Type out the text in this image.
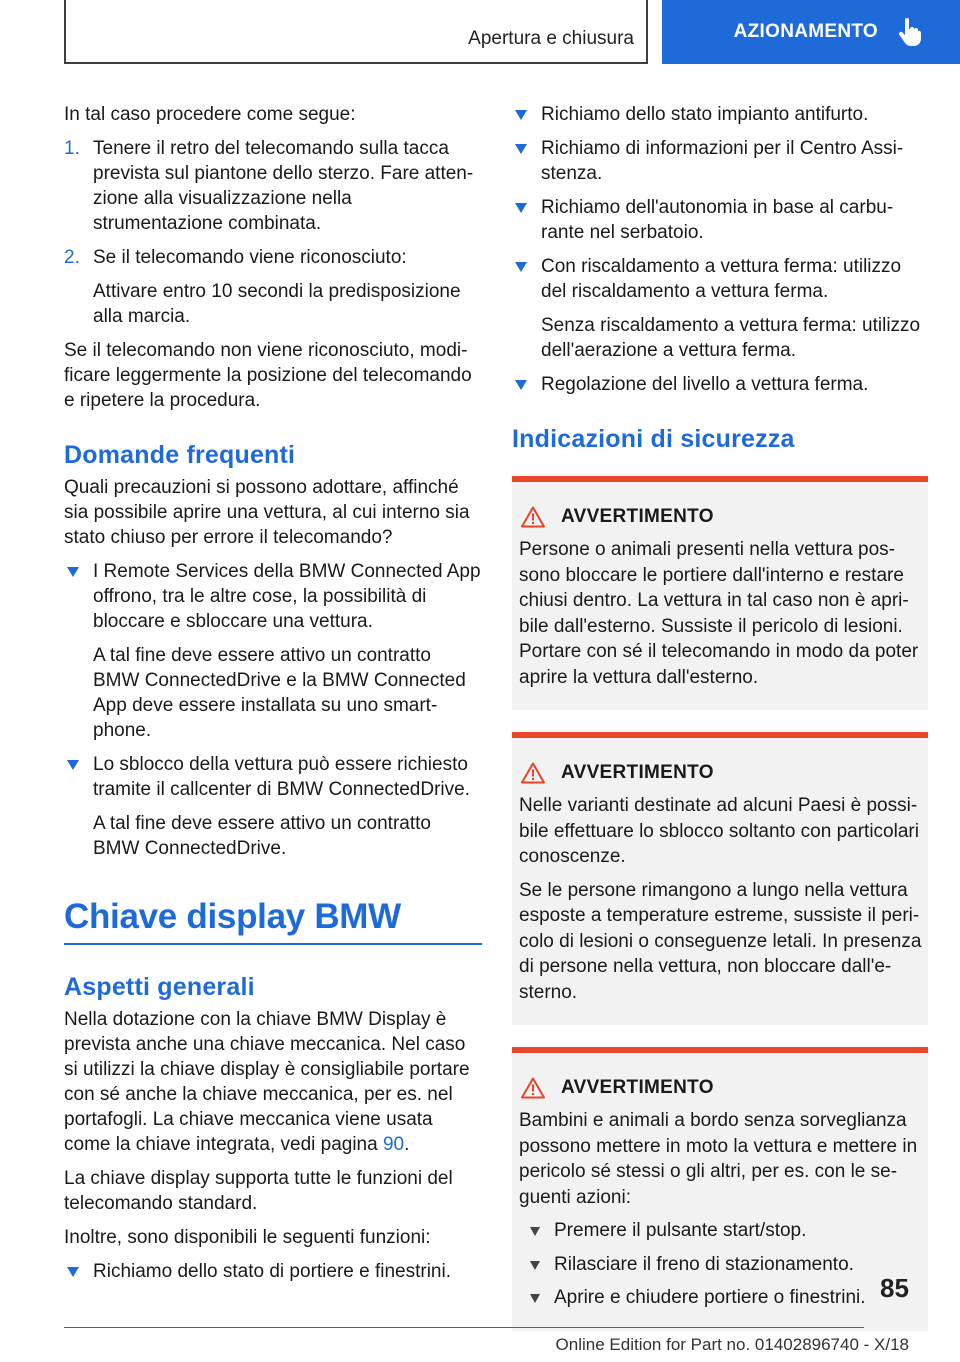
Apertura e chiusura	AZIONAMENTO

In tal caso procedere come segue:

1. Tenere il retro del telecomando sulla tacca prevista sul piantone dello sterzo. Fare attenzione alla visualizzazione nella strumentazione combinata.

2. Se il telecomando viene riconosciuto:

Attivare entro 10 secondi la predisposizione alla marcia.

Se il telecomando non viene riconosciuto, modificare leggermente la posizione del telecomando e ripetere la procedura.

Domande frequenti

Quali precauzioni si possono adottare, affinché sia possibile aprire una vettura, al cui interno sia stato chiuso per errore il telecomando?

I Remote Services della BMW Connected App offrono, tra le altre cose, la possibilità di bloccare e sbloccare una vettura.

A tal fine deve essere attivo un contratto BMW ConnectedDrive e la BMW Connected App deve essere installata su uno smartphone.

Lo sblocco della vettura può essere richiesto tramite il callcenter di BMW ConnectedDrive.

A tal fine deve essere attivo un contratto BMW ConnectedDrive.

Chiave display BMW
Aspetti generali

Nella dotazione con la chiave BMW Display è prevista anche una chiave meccanica. Nel caso si utilizzi la chiave display è consigliabile portare con sé anche la chiave meccanica, per es. nel portafogli. La chiave meccanica viene usata come la chiave integrata, vedi pagina 90.

La chiave display supporta tutte le funzioni del telecomando standard.

Inoltre, sono disponibili le seguenti funzioni:

Richiamo dello stato di portiere e finestrini.

Richiamo dello stato impianto antifurto.

Richiamo di informazioni per il Centro Assistenza.

Richiamo dell'autonomia in base al carburante nel serbatoio.

Con riscaldamento a vettura ferma: utilizzo del riscaldamento a vettura ferma.

Senza riscaldamento a vettura ferma: utilizzo dell'aerazione a vettura ferma.

Regolazione del livello a vettura ferma.

Indicazioni di sicurezza
AVVERTIMENTO

Persone o animali presenti nella vettura possono bloccare le portiere dall'interno e restare chiusi dentro. La vettura in tal caso non è apribile dall'esterno. Sussiste il pericolo di lesioni. Portare con sé il telecomando in modo da poter aprire la vettura dall'esterno.

AVVERTIMENTO

Nelle varianti destinate ad alcuni Paesi è possibile effettuare lo sblocco soltanto con particolari conoscenze.

Se le persone rimangono a lungo nella vettura esposte a temperature estreme, sussiste il pericolo di lesioni o conseguenze letali. In presenza di persone nella vettura, non bloccare dall'esterno.

AVVERTIMENTO

Bambini e animali a bordo senza sorveglianza possono mettere in moto la vettura e mettere in pericolo sé stessi o gli altri, per es. con le seguenti azioni:

Premere il pulsante start/stop.

Rilasciare il freno di stazionamento.

Aprire e chiudere portiere o finestrini. 85
Online Edition for Part no. 01402896740 - X/18
